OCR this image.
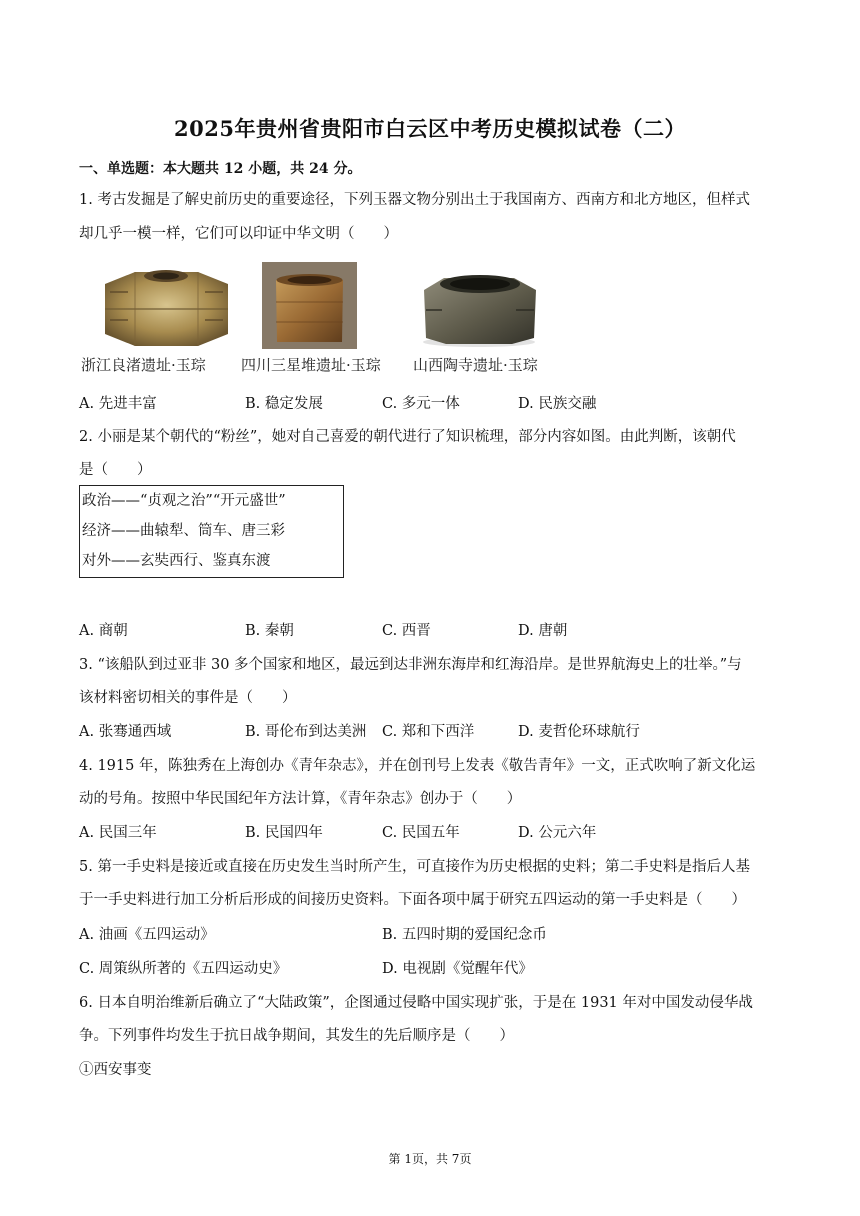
2025年贵州省贵阳市白云区中考历史模拟试卷（二）
一、单选题：本大题共 12 小题，共 24 分。
1. 考古发掘是了解史前历史的重要途径，下列玉器文物分别出土于我国南方、西南方和北方地区，但样式
却几乎一模一样，它们可以印证中华文明（　　）
浙江良渚遗址·玉琮 四川三星堆遗址·玉琮 山西陶寺遗址·玉琮
A. 先进丰富	B. 稳定发展	C. 多元一体	D. 民族交融
2. 小丽是某个朝代的“粉丝”，她对自己喜爱的朝代进行了知识梳理，部分内容如图。由此判断，该朝代
是（　　）
政治——“贞观之治”“开元盛世”
经济——曲辕犁、筒车、唐三彩
对外——玄奘西行、鉴真东渡
A. 商朝	B. 秦朝	C. 西晋	D. 唐朝
3. “该船队到过亚非 30 多个国家和地区，最远到达非洲东海岸和红海沿岸。是世界航海史上的壮举。”与
该材料密切相关的事件是（　　）
A. 张骞通西域	B. 哥伦布到达美洲 C. 郑和下西洋	D. 麦哲伦环球航行
4. 1915 年，陈独秀在上海创办《青年杂志》，并在创刊号上发表《敬告青年》一文，正式吹响了新文化运
动的号角。按照中华民国纪年方法计算，《青年杂志》创办于（　　）
A. 民国三年	B. 民国四年	C. 民国五年	D. 公元六年
5. 第一手史料是接近或直接在历史发生当时所产生，可直接作为历史根据的史料；第二手史料是指后人基
于一手史料进行加工分析后形成的间接历史资料。下面各项中属于研究五四运动的第一手史料是（　　）
A. 油画《五四运动》	B. 五四时期的爱国纪念币
C. 周策纵所著的《五四运动史》	D. 电视剧《觉醒年代》
6. 日本自明治维新后确立了“大陆政策”，企图通过侵略中国实现扩张，于是在 1931 年对中国发动侵华战
争。下列事件均发生于抗日战争期间，其发生的先后顺序是（　　）
①西安事变
第 1页，共 7页
